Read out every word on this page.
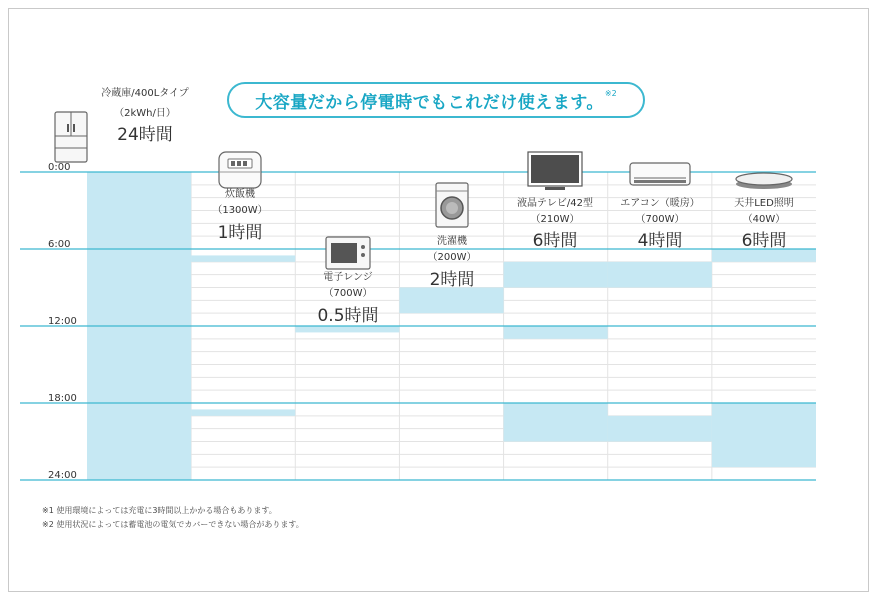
大容量だから停電時でもこれだけ使えます。 ※2
0:00
6:00
12:00
18:00
24:00
冷蔵庫/400Lタイプ
（2kWh/日）
24時間
炊飯機
（1300W）
1時間
電子レンジ
（700W）
0.5時間
洗濯機
（200W）
2時間
液晶テレビ/42型
（210W）
6時間
エアコン（暖房）
（700W）
4時間
天井LED照明
（40W）
6時間
※1 使用環境によっては充電に3時間以上かかる場合もあります。
※2 使用状況によっては蓄電池の電気でカバーできない場合があります。
